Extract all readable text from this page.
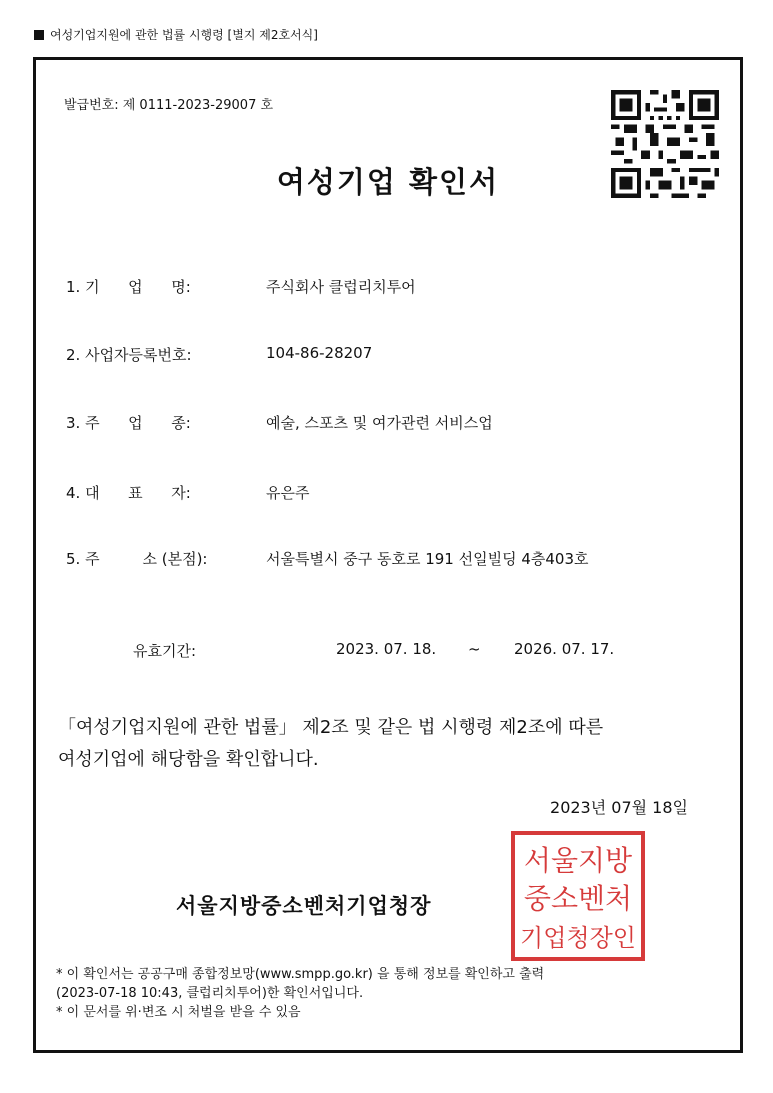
여성기업지원에 관한 법률 시행령 [별지 제2호서식]
발급번호: 제 0111-2023-29007 호
여성기업 확인서
1. 기      업      명:	주식회사 클럽리치투어
2. 사업자등록번호:	104-86-28207
3. 주      업      종:	예술, 스포츠 및 여가관련 서비스업
4. 대      표      자:	유은주
5. 주         소 (본점):	서울특별시 중구 동호로 191 선일빌딩 4층403호
유효기간:	2023. 07. 18. ~ 2026. 07. 17.
「여성기업지원에 관한 법률」 제2조 및 같은 법 시행령 제2조에 따른
여성기업에 해당함을 확인합니다.
2023년 07월 18일
서울지방중소벤처기업청장
서울지방
중소벤처
기업청장인
* 이 확인서는 공공구매 종합정보망(www.smpp.go.kr) 을 통해 정보를 확인하고 출력
(2023-07-18 10:43, 클럽리치투어)한 확인서입니다.
* 이 문서를 위·변조 시 처벌을 받을 수 있음
